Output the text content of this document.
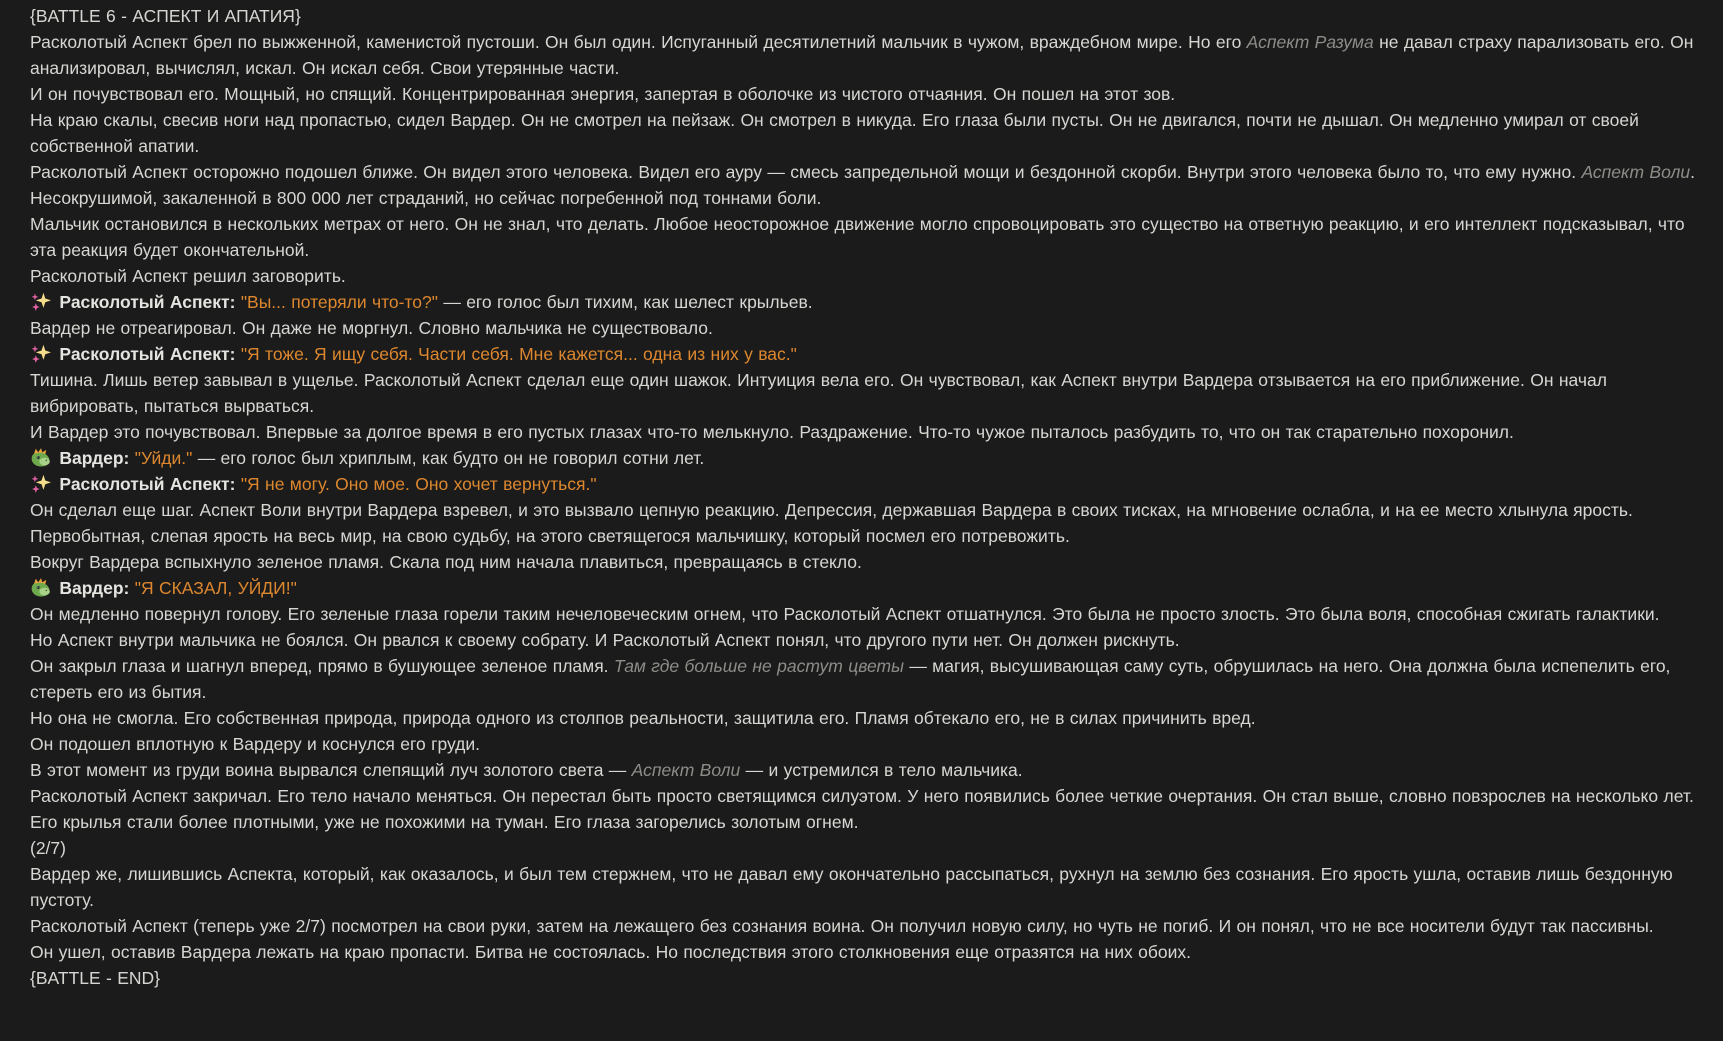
{BATTLE 6 - АСПЕКТ И АПАТИЯ}

Расколотый Аспект брел по выжженной, каменистой пустоши. Он был один. Испуганный десятилетний мальчик в чужом, враждебном мире. Но его Аспект Разума не давал страху парализовать его. Он анализировал, вычислял, искал. Он искал себя. Свои утерянные части.

И он почувствовал его. Мощный, но спящий. Концентрированная энергия, запертая в оболочке из чистого отчаяния. Он пошел на этот зов.

На краю скалы, свесив ноги над пропастью, сидел Вардер. Он не смотрел на пейзаж. Он смотрел в никуда. Его глаза были пусты. Он не двигался, почти не дышал. Он медленно умирал от своей собственной апатии.

Расколотый Аспект осторожно подошел ближе. Он видел этого человека. Видел его ауру — смесь запредельной мощи и бездонной скорби. Внутри этого человека было то, что ему нужно. Аспект Воли. Несокрушимой, закаленной в 800 000 лет страданий, но сейчас погребенной под тоннами боли.

Мальчик остановился в нескольких метрах от него. Он не знал, что делать. Любое неосторожное движение могло спровоцировать это существо на ответную реакцию, и его интеллект подсказывал, что эта реакция будет окончательной.

Расколотый Аспект решил заговорить.

Расколотый Аспект: "Вы... потеряли что-то?" — его голос был тихим, как шелест крыльев.

Вардер не отреагировал. Он даже не моргнул. Словно мальчика не существовало.

Расколотый Аспект: "Я тоже. Я ищу себя. Части себя. Мне кажется... одна из них у вас."

Тишина. Лишь ветер завывал в ущелье. Расколотый Аспект сделал еще один шажок. Интуиция вела его. Он чувствовал, как Аспект внутри Вардера отзывается на его приближение. Он начал вибрировать, пытаться вырваться.

И Вардер это почувствовал. Впервые за долгое время в его пустых глазах что-то мелькнуло. Раздражение. Что-то чужое пыталось разбудить то, что он так старательно похоронил.

Вардер: "Уйди." — его голос был хриплым, как будто он не говорил сотни лет.

Расколотый Аспект: "Я не могу. Оно мое. Оно хочет вернуться."

Он сделал еще шаг. Аспект Воли внутри Вардера взревел, и это вызвало цепную реакцию. Депрессия, державшая Вардера в своих тисках, на мгновение ослабла, и на ее место хлынула ярость. Первобытная, слепая ярость на весь мир, на свою судьбу, на этого светящегося мальчишку, который посмел его потревожить.

Вокруг Вардера вспыхнуло зеленое пламя. Скала под ним начала плавиться, превращаясь в стекло.

Вардер: "Я СКАЗАЛ, УЙДИ!"

Он медленно повернул голову. Его зеленые глаза горели таким нечеловеческим огнем, что Расколотый Аспект отшатнулся. Это была не просто злость. Это была воля, способная сжигать галактики.

Но Аспект внутри мальчика не боялся. Он рвался к своему собрату. И Расколотый Аспект понял, что другого пути нет. Он должен рискнуть.

Он закрыл глаза и шагнул вперед, прямо в бушующее зеленое пламя. Там где больше не растут цветы — магия, высушивающая саму суть, обрушилась на него. Она должна была испепелить его, стереть его из бытия.

Но она не смогла. Его собственная природа, природа одного из столпов реальности, защитила его. Пламя обтекало его, не в силах причинить вред.

Он подошел вплотную к Вардеру и коснулся его груди.

В этот момент из груди воина вырвался слепящий луч золотого света — Аспект Воли — и устремился в тело мальчика.

Расколотый Аспект закричал. Его тело начало меняться. Он перестал быть просто светящимся силуэтом. У него появились более четкие очертания. Он стал выше, словно повзрослев на несколько лет. Его крылья стали более плотными, уже не похожими на туман. Его глаза загорелись золотым огнем.

(2/7)

Вардер же, лишившись Аспекта, который, как оказалось, и был тем стержнем, что не давал ему окончательно рассыпаться, рухнул на землю без сознания. Его ярость ушла, оставив лишь бездонную пустоту.

Расколотый Аспект (теперь уже 2/7) посмотрел на свои руки, затем на лежащего без сознания воина. Он получил новую силу, но чуть не погиб. И он понял, что не все носители будут так пассивны.

Он ушел, оставив Вардера лежать на краю пропасти. Битва не состоялась. Но последствия этого столкновения еще отразятся на них обоих.

{BATTLE - END}
